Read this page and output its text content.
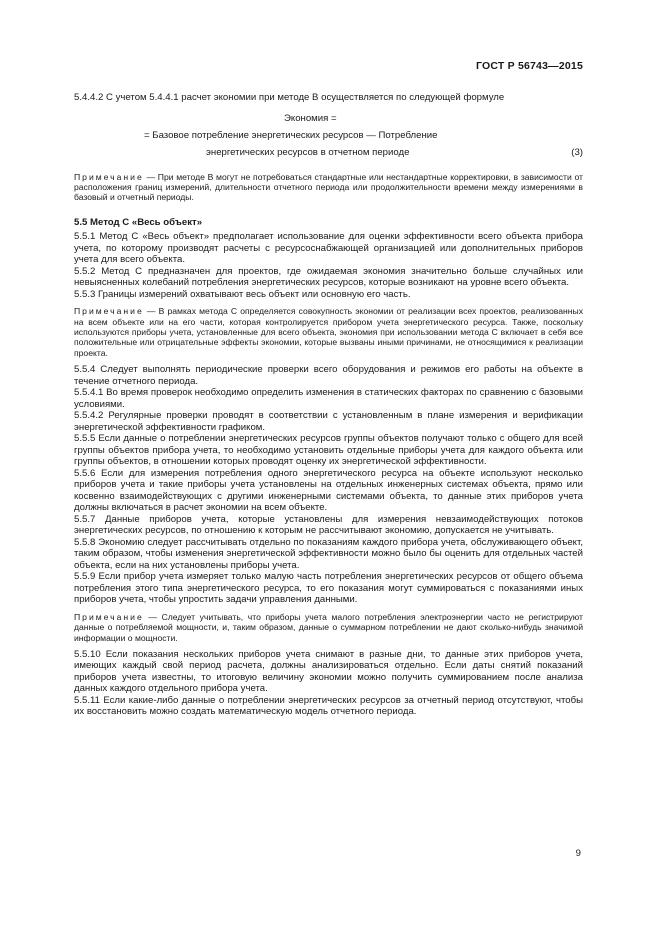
ГОСТ Р 56743—2015

5.4.4.2 С учетом 5.4.4.1 расчет экономии при методе В осуществляется по следующей формуле

Экономия =
= Базовое потребление энергетических ресурсов — Потребление
энергетических ресурсов в отчетном периоде	(3)

Примечание — При методе В могут не потребоваться стандартные или нестандартные корректировки, в зависимости от расположения границ измерений, длительности отчетного периода или продолжительности времени между измерениями в базовый и отчетный периоды.

5.5 Метод С «Весь объект»

5.5.1 Метод С «Весь объект» предполагает использование для оценки эффективности всего объекта прибора учета, по которому производят расчеты с ресурсоснабжающей организацией или дополнительных приборов учета для всего объекта.

5.5.2 Метод С предназначен для проектов, где ожидаемая экономия значительно больше случайных или невыясненных колебаний потребления энергетических ресурсов, которые возникают на уровне всего объекта.

5.5.3 Границы измерений охватывают весь объект или основную его часть.

Примечание — В рамках метода С определяется совокупность экономии от реализации всех проектов, реализованных на всем объекте или на его части, которая контролируется прибором учета энергетического ресурса. Также, поскольку используются приборы учета, установленные для всего объекта, экономия при использовании метода С включает в себя все положительные или отрицательные эффекты экономии, которые вызваны иными причинами, не относящимися к реализации проекта.

5.5.4 Следует выполнять периодические проверки всего оборудования и режимов его работы на объекте в течение отчетного периода.

5.5.4.1 Во время проверок необходимо определить изменения в статических факторах по сравнению с базовыми условиями.

5.5.4.2 Регулярные проверки проводят в соответствии с установленным в плане измерения и верификации энергетической эффективности графиком.

5.5.5 Если данные о потреблении энергетических ресурсов группы объектов получают только с общего для всей группы объектов прибора учета, то необходимо установить отдельные приборы учета для каждого объекта или группы объектов, в отношении которых проводят оценку их энергетической эффективности.

5.5.6 Если для измерения потребления одного энергетического ресурса на объекте используют несколько приборов учета и такие приборы учета установлены на отдельных инженерных системах объекта, прямо или косвенно взаимодействующих с другими инженерными системами объекта, то данные этих приборов учета должны включаться в расчет экономии на всем объекте.

5.5.7 Данные приборов учета, которые установлены для измерения невзаимодействующих потоков энергетических ресурсов, по отношению к которым не рассчитывают экономию, допускается не учитывать.

5.5.8 Экономию следует рассчитывать отдельно по показаниям каждого прибора учета, обслуживающего объект, таким образом, чтобы изменения энергетической эффективности можно было бы оценить для отдельных частей объекта, если на них установлены приборы учета.

5.5.9 Если прибор учета измеряет только малую часть потребления энергетических ресурсов от общего объема потребления этого типа энергетического ресурса, то его показания могут суммироваться с показаниями иных приборов учета, чтобы упростить задачи управления данными.

Примечание — Следует учитывать, что приборы учета малого потребления электроэнергии часто не регистрируют данные о потребляемой мощности, и, таким образом, данные о суммарном потреблении не дают сколько-нибудь значимой информации о мощности.

5.5.10 Если показания нескольких приборов учета снимают в разные дни, то данные этих приборов учета, имеющих каждый свой период расчета, должны анализироваться отдельно. Если даты снятий показаний приборов учета известны, то итоговую величину экономии можно получить суммированием после анализа данных каждого отдельного прибора учета.

5.5.11 Если какие-либо данные о потреблении энергетических ресурсов за отчетный период отсутствуют, чтобы их восстановить можно создать математическую модель отчетного периода.

9
